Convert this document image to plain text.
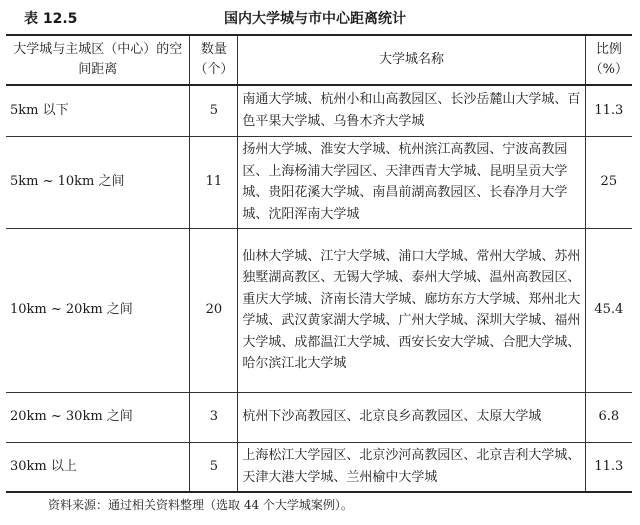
表 12.5	国内大学城与市中心距离统计
大学城与主城区（中心）的空间距离	数量（个）	大学城名称	比例（%）
5km 以下	5	南通大学城、杭州小和山高教园区、长沙岳麓山大学城、百色平果大学城、乌鲁木齐大学城	11.3
5km ~ 10km 之间	11	扬州大学城、淮安大学城、杭州滨江高教园、宁波高教园区、上海杨浦大学园区、天津西青大学城、昆明呈贡大学城、贵阳花溪大学城、南昌前湖高教园区、长春净月大学城、沈阳浑南大学城	25
10km ~ 20km 之间	20	仙林大学城、江宁大学城、浦口大学城、常州大学城、苏州独墅湖高教区、无锡大学城、泰州大学城、温州高教园区、重庆大学城、济南长清大学城、廊坊东方大学城、郑州北大学城、武汉黄家湖大学城、广州大学城、深圳大学城、福州大学城、成都温江大学城、西安长安大学城、合肥大学城、哈尔滨江北大学城	45.4
20km ~ 30km 之间	3	杭州下沙高教园区、北京良乡高教园区、太原大学城	6.8
30km 以上	5	上海松江大学园区、北京沙河高教园区、北京吉利大学城、天津大港大学城、兰州榆中大学城	11.3
资料来源：通过相关资料整理（选取 44 个大学城案例）。
